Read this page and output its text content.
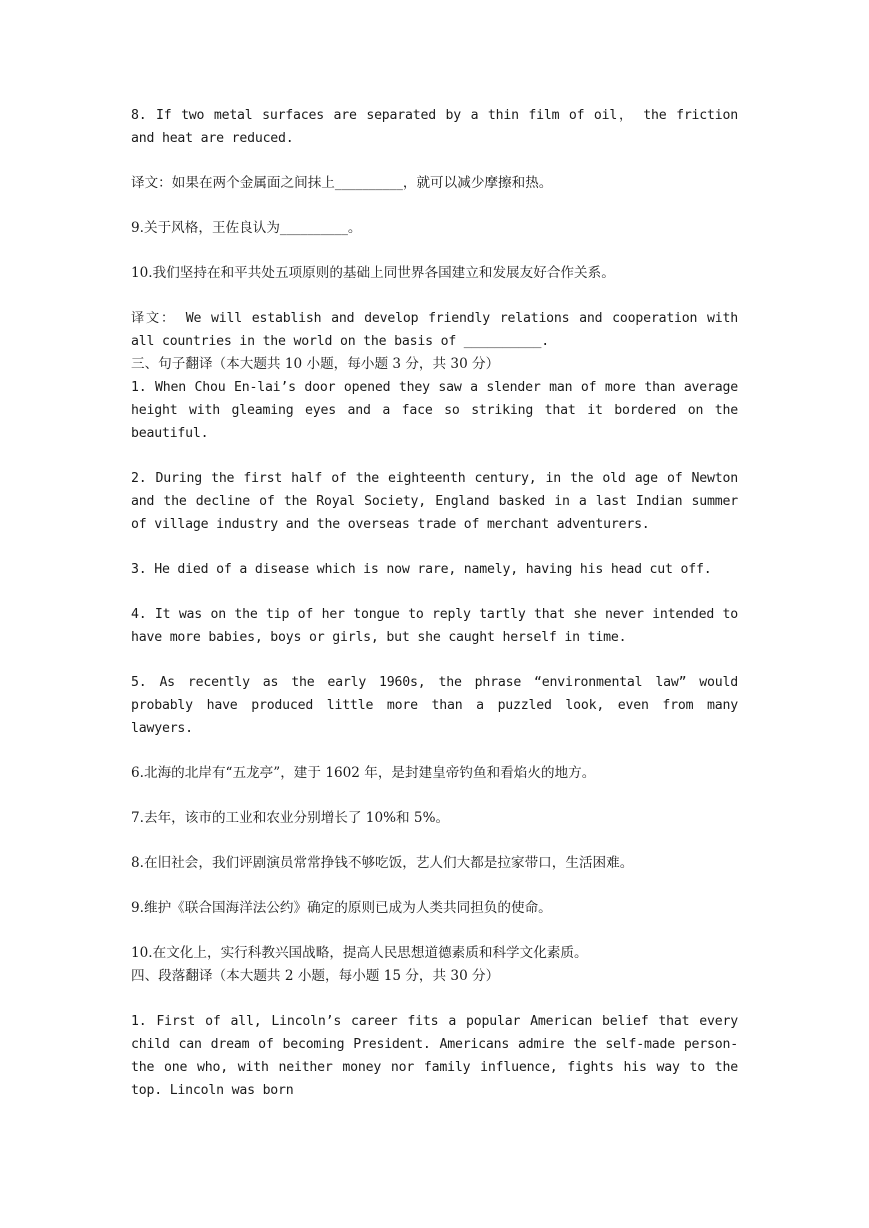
8. If two metal surfaces are separated by a thin film of oil， the friction and heat are reduced.

译文：如果在两个金属面之间抹上__________，就可以减少摩擦和热。

9.关于风格，王佐良认为__________。

10.我们坚持在和平共处五项原则的基础上同世界各国建立和发展友好合作关系。

译文： We will establish and develop friendly relations and cooperation with all countries in the world on the basis of __________.

三、句子翻译（本大题共 10 小题，每小题 3 分，共 30 分）

1. When Chou En-lai’s door opened they saw a slender man of more than average height with gleaming eyes and a face so striking that it bordered on the beautiful.

2. During the first half of the eighteenth century, in the old age of Newton and the decline of the Royal Society, England basked in a last Indian summer of village industry and the overseas trade of merchant adventurers.

3. He died of a disease which is now rare, namely, having his head cut off.

4. It was on the tip of her tongue to reply tartly that she never intended to have more babies, boys or girls, but she caught herself in time.

5. As recently as the early 1960s, the phrase “environmental law” would probably have produced little more than a puzzled look, even from many lawyers.

6.北海的北岸有“五龙亭”，建于 1602 年，是封建皇帝钓鱼和看焰火的地方。

7.去年，该市的工业和农业分别增长了 10%和 5%。

8.在旧社会，我们评剧演员常常挣钱不够吃饭，艺人们大都是拉家带口，生活困难。

9.维护《联合国海洋法公约》确定的原则已成为人类共同担负的使命。

10.在文化上，实行科教兴国战略，提高人民思想道德素质和科学文化素质。

四、段落翻译（本大题共 2 小题，每小题 15 分，共 30 分）

1. First of all, Lincoln’s career fits a popular American belief that every child can dream of becoming President. Americans admire the self-made person-the one who, with neither money nor family influence, fights his way to the top. Lincoln was born
